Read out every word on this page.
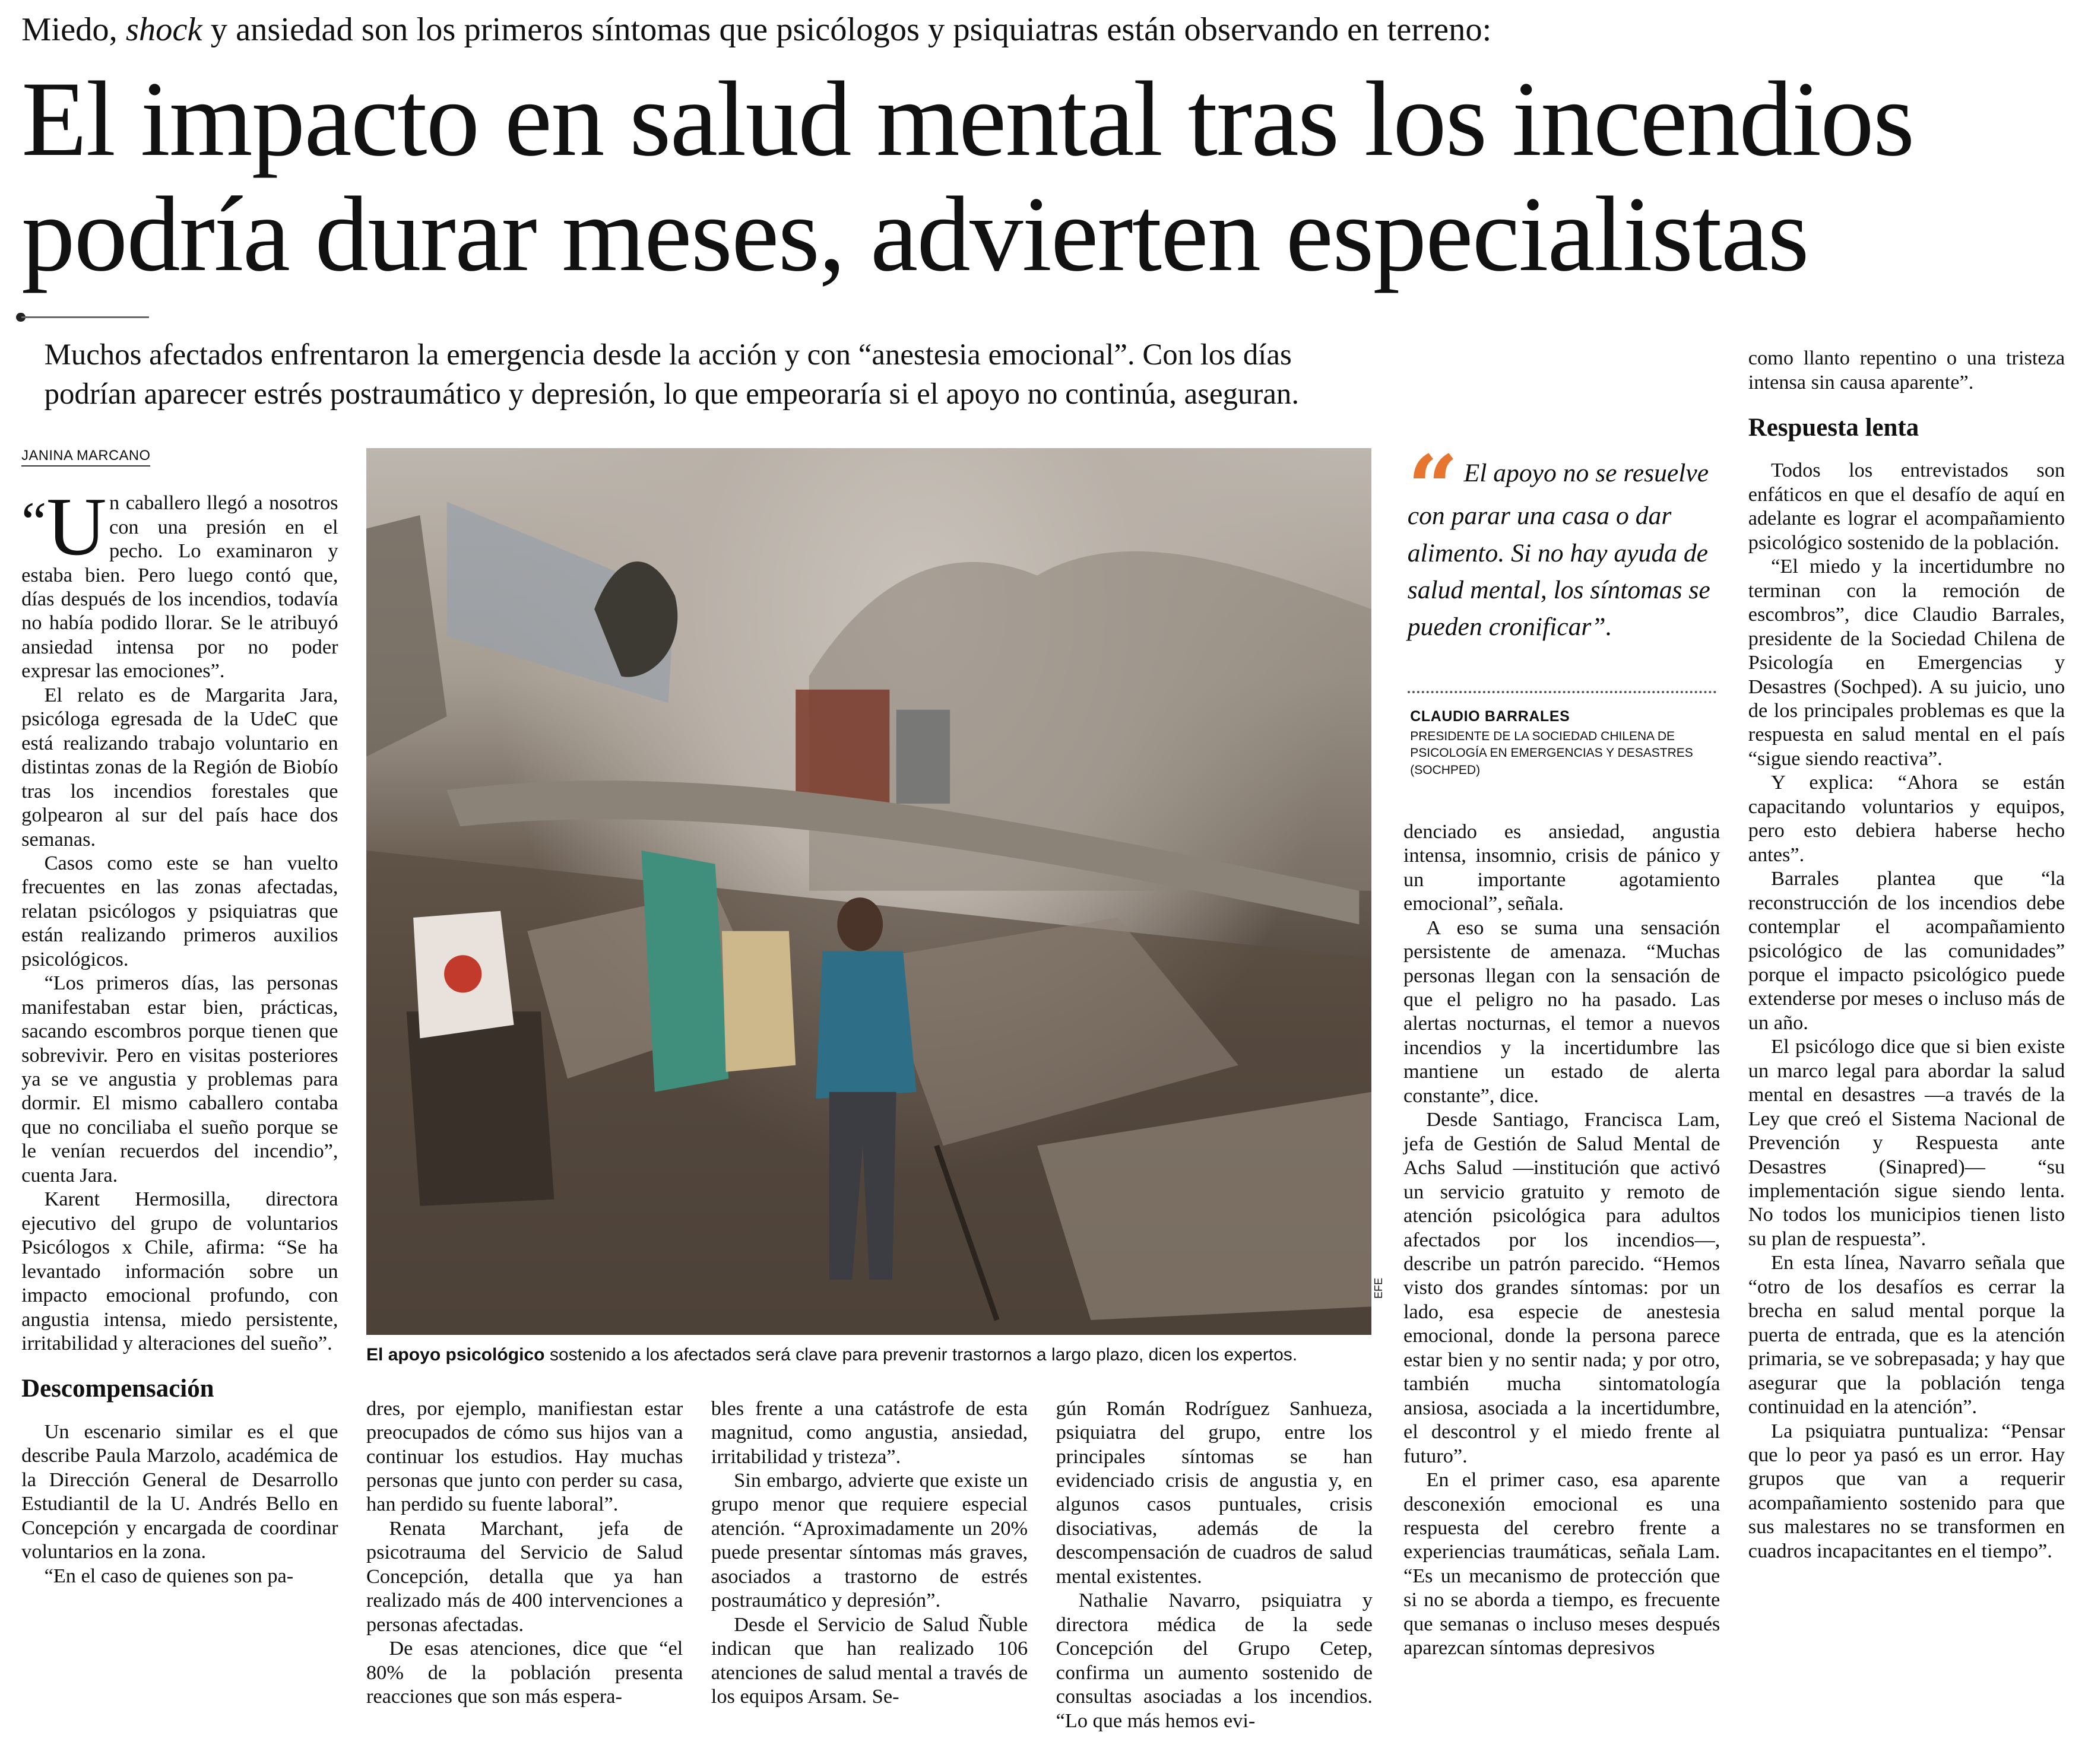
Miedo, shock y ansiedad son los primeros síntomas que psicólogos y psiquiatras están observando en terreno:
El impacto en salud mental tras los incendios
podría durar meses, advierten especialistas
Muchos afectados enfrentaron la emergencia desde la acción y con “anestesia emocional”. Con los días
podrían aparecer estrés postraumático y depresión, lo que empeoraría si el apoyo no continúa, aseguran.
JANINA MARCANO

“U n caballero llegó a nosotros con una presión en el pecho. Lo examinaron y estaba bien. Pero luego contó que, días después de los incendios, todavía no había podido llorar. Se le atribuyó ansiedad intensa por no poder expresar las emociones”.

El relato es de Margarita Jara, psicóloga egresada de la UdeC que está realizando trabajo voluntario en distintas zonas de la Región de Biobío tras los incendios forestales que golpearon al sur del país hace dos semanas.

Casos como este se han vuelto frecuentes en las zonas afectadas, relatan psicólogos y psiquiatras que están realizando primeros auxilios psicológicos.

“Los primeros días, las personas manifestaban estar bien, prácticas, sacando escombros porque tienen que sobrevivir. Pero en visitas posteriores ya se ve angustia y problemas para dormir. El mismo caballero contaba que no conciliaba el sueño porque se le venían recuerdos del incendio”, cuenta Jara.

Karent Hermosilla, directora ejecutivo del grupo de voluntarios Psicólogos x Chile, afirma: “Se ha levantado información sobre un impacto emocional profundo, con angustia intensa, miedo persistente, irritabilidad y alteraciones del sueño”.

Descompensación

Un escenario similar es el que describe Paula Marzolo, académica de la Dirección General de Desarrollo Estudiantil de la U. Andrés Bello en Concepción y encargada de coordinar voluntarios en la zona.

“En el caso de quienes son pa-

EFE
El apoyo psicológico sostenido a los afectados será clave para prevenir trastornos a largo plazo, dicen los expertos.

dres, por ejemplo, manifiestan estar preocupados de cómo sus hijos van a continuar los estudios. Hay muchas personas que junto con perder su casa, han perdido su fuente laboral”.

Renata Marchant, jefa de psicotrauma del Servicio de Salud Concepción, detalla que ya han realizado más de 400 intervenciones a personas afectadas.

De esas atenciones, dice que “el 80% de la población presenta reacciones que son más espera-

bles frente a una catástrofe de esta magnitud, como angustia, ansiedad, irritabilidad y tristeza”.

Sin embargo, advierte que existe un grupo menor que requiere especial atención. “Aproximadamente un 20% puede presentar síntomas más graves, asociados a trastorno de estrés postraumático y depresión”.

Desde el Servicio de Salud Ñuble indican que han realizado 106 atenciones de salud mental a través de los equipos Arsam. Se-

gún Román Rodríguez Sanhueza, psiquiatra del grupo, entre los principales síntomas se han evidenciado crisis de angustia y, en algunos casos puntuales, crisis disociativas, además de la descompensación de cuadros de salud mental existentes.

Nathalie Navarro, psiquiatra y directora médica de la sede Concepción del Grupo Cetep, confirma un aumento sostenido de consultas asociadas a los incendios. “Lo que más hemos evi-

“ El apoyo no se resuelve con parar una casa o dar alimento. Si no hay ayuda de salud mental, los síntomas se pueden cronificar”.
CLAUDIO BARRALES
PRESIDENTE DE LA SOCIEDAD CHILENA DE PSICOLOGÍA EN EMERGENCIAS Y DESASTRES (SOCHPED)

denciado es ansiedad, angustia intensa, insomnio, crisis de pánico y un importante agotamiento emocional”, señala.

A eso se suma una sensación persistente de amenaza. “Muchas personas llegan con la sensación de que el peligro no ha pasado. Las alertas nocturnas, el temor a nuevos incendios y la incertidumbre las mantiene un estado de alerta constante”, dice.

Desde Santiago, Francisca Lam, jefa de Gestión de Salud Mental de Achs Salud —institución que activó un servicio gratuito y remoto de atención psicológica para adultos afectados por los incendios—, describe un patrón parecido. “Hemos visto dos grandes síntomas: por un lado, esa especie de anestesia emocional, donde la persona parece estar bien y no sentir nada; y por otro, también mucha sintomatología ansiosa, asociada a la incertidumbre, el descontrol y el miedo frente al futuro”.

En el primer caso, esa aparente desconexión emocional es una respuesta del cerebro frente a experiencias traumáticas, señala Lam. “Es un mecanismo de protección que si no se aborda a tiempo, es frecuente que semanas o incluso meses después aparezcan síntomas depresivos

como llanto repentino o una tristeza intensa sin causa aparente”.

Respuesta lenta

Todos los entrevistados son enfáticos en que el desafío de aquí en adelante es lograr el acompañamiento psicológico sostenido de la población.

“El miedo y la incertidumbre no terminan con la remoción de escombros”, dice Claudio Barrales, presidente de la Sociedad Chilena de Psicología en Emergencias y Desastres (Sochped). A su juicio, uno de los principales problemas es que la respuesta en salud mental en el país “sigue siendo reactiva”.

Y explica: “Ahora se están capacitando voluntarios y equipos, pero esto debiera haberse hecho antes”.

Barrales plantea que “la reconstrucción de los incendios debe contemplar el acompañamiento psicológico de las comunidades” porque el impacto psicológico puede extenderse por meses o incluso más de un año.

El psicólogo dice que si bien existe un marco legal para abordar la salud mental en desastres —a través de la Ley que creó el Sistema Nacional de Prevención y Respuesta ante Desastres (Sinapred)— “su implementación sigue siendo lenta. No todos los municipios tienen listo su plan de respuesta”.

En esta línea, Navarro señala que “otro de los desafíos es cerrar la brecha en salud mental porque la puerta de entrada, que es la atención primaria, se ve sobrepasada; y hay que asegurar que la población tenga continuidad en la atención”.

La psiquiatra puntualiza: “Pensar que lo peor ya pasó es un error. Hay grupos que van a requerir acompañamiento sostenido para que sus malestares no se transformen en cuadros incapacitantes en el tiempo”.
